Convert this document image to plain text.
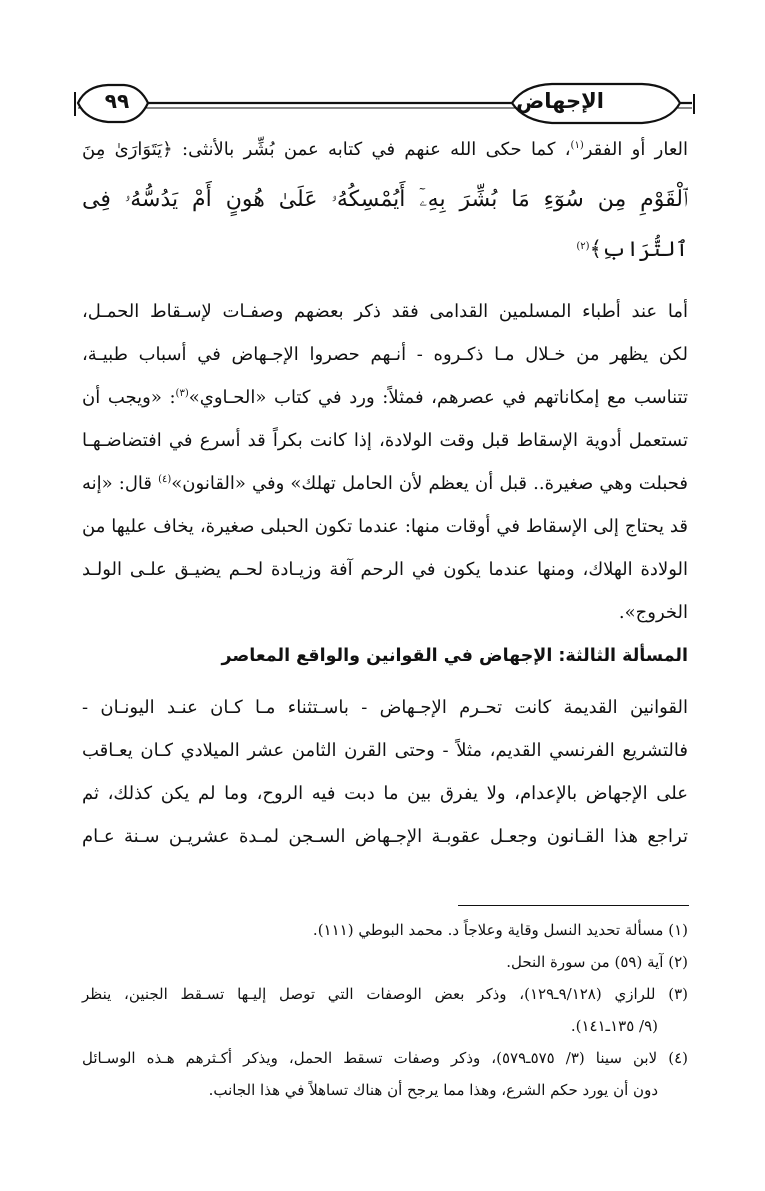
الإجهاض
٩٩

العار أو الفقر$^{(١)}$، كما حكى الله عنهم في كتابه عمن بُشِّر بالأنثى: ﴿يَتَوَارَىٰ مِنَ
ٱلْقَوْمِ مِن سُوٓءِ مَا بُشِّرَ بِهِۦٓ أَيُمْسِكُهُۥ عَلَىٰ هُونٍ أَمْ يَدُسُّهُۥ فِى
ٱلتُّرَابِ﴾$^{(٢)}$

أما عند أطباء المسلمين القدامى فقد ذكر بعضهم وصفـات لإسـقاط الحمـل،
لكن يظهر من خـلال مـا ذكـروه - أنـهم حصروا الإجـهاض في أسباب طبيـة،
تتناسب مع إمكاناتهم في عصرهم، فمثلاً: ورد في كتاب «الحـاوي»$^{(٣)}$: «ويجب أن
تستعمل أدوية الإسقاط قبل وقت الولادة، إذا كانت بكراً قد أسرع في افتضاضـهـا
فحبلت وهي صغيرة.. قبل أن يعظم لأن الحامل تهلك» وفي «القانون»$^{(٤)}$ قال: «إنه
قد يحتاج إلى الإسقاط في أوقات منها: عندما تكون الحبلى صغيرة، يخاف عليها من
الولادة الهلاك، ومنها عندما يكون في الرحم آفة وزيـادة لحـم يضيـق علـى الولـد
الخروج».

المسألة الثالثة: الإجهاض في القوانين والواقع المعاصر

القوانين القديمة كانت تحـرم الإجـهاض - باسـتثناء مـا كـان عنـد اليونـان -
فالتشريع الفرنسي القديم، مثلاً - وحتى القرن الثامن عشر الميلادي كـان يعـاقب
على الإجهاض بالإعدام، ولا يفرق بين ما دبت فيه الروح، وما لم يكن كذلك، ثم
تراجع هذا القـانون وجعـل عقوبـة الإجـهاض السـجن لمـدة عشريـن سـنة عـام

(١) مسألة تحديد النسل وقاية وعلاجاً د. محمد البوطي (١١١).
(٢) آية (٥٩) من سورة النحل.
(٣) للرازي (٩/١٢٨ـ١٢٩)، وذكر بعض الوصفات التي توصل إليـها تسـقط الجنين، ينظر
(٩/ ١٣٥ـ١٤١).
(٤) لابن سينا (٣/ ٥٧٥ـ٥٧٩)، وذكر وصفات تسقط الحمل، ويذكر أكـثرهم هـذه الوسـائل
دون أن يورد حكم الشرع، وهذا مما يرجح أن هناك تساهلاً في هذا الجانب.
